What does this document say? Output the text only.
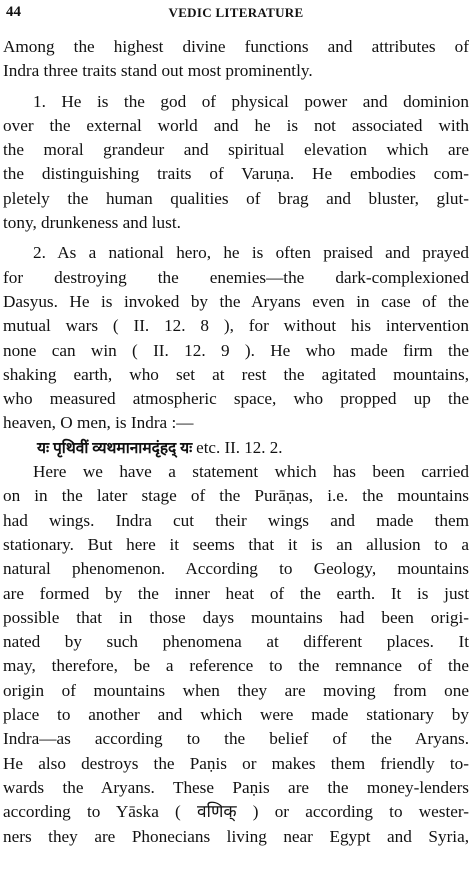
44	VEDIC LITERATURE
Among the highest divine functions and attributes of
Indra three traits stand out most prominently.
1. He is the god of physical power and dominion
over the external world and he is not associated with
the moral grandeur and spiritual elevation which are
the distinguishing traits of Varuṇa. He embodies com-
pletely the human qualities of brag and bluster, glut-
tony, drunkeness and lust.
2. As a national hero, he is often praised and prayed
for destroying the enemies—the dark-complexioned
Dasyus. He is invoked by the Aryans even in case of the
mutual wars ( II. 12. 8 ), for without his intervention
none can win ( II. 12. 9 ). He who made firm the
shaking earth, who set at rest the agitated mountains,
who measured atmospheric space, who propped up the
heaven, O men, is Indra :—
यः पृथिवीं व्यथमानामदृंहद् यः etc. II. 12. 2.
Here we have a statement which has been carried
on in the later stage of the Purāṇas, i.e. the mountains
had wings. Indra cut their wings and made them
stationary. But here it seems that it is an allusion to a
natural phenomenon. According to Geology, mountains
are formed by the inner heat of the earth. It is just
possible that in those days mountains had been origi-
nated by such phenomena at different places. It
may, therefore, be a reference to the remnance of the
origin of mountains when they are moving from one
place to another and which were made stationary by
Indra—as according to the belief of the Aryans.
He also destroys the Paṇis or makes them friendly to-
wards the Aryans. These Paṇis are the money-lenders
according to Yāska ( वणिक् ) or according to wester-
ners they are Phonecians living near Egypt and Syria,
